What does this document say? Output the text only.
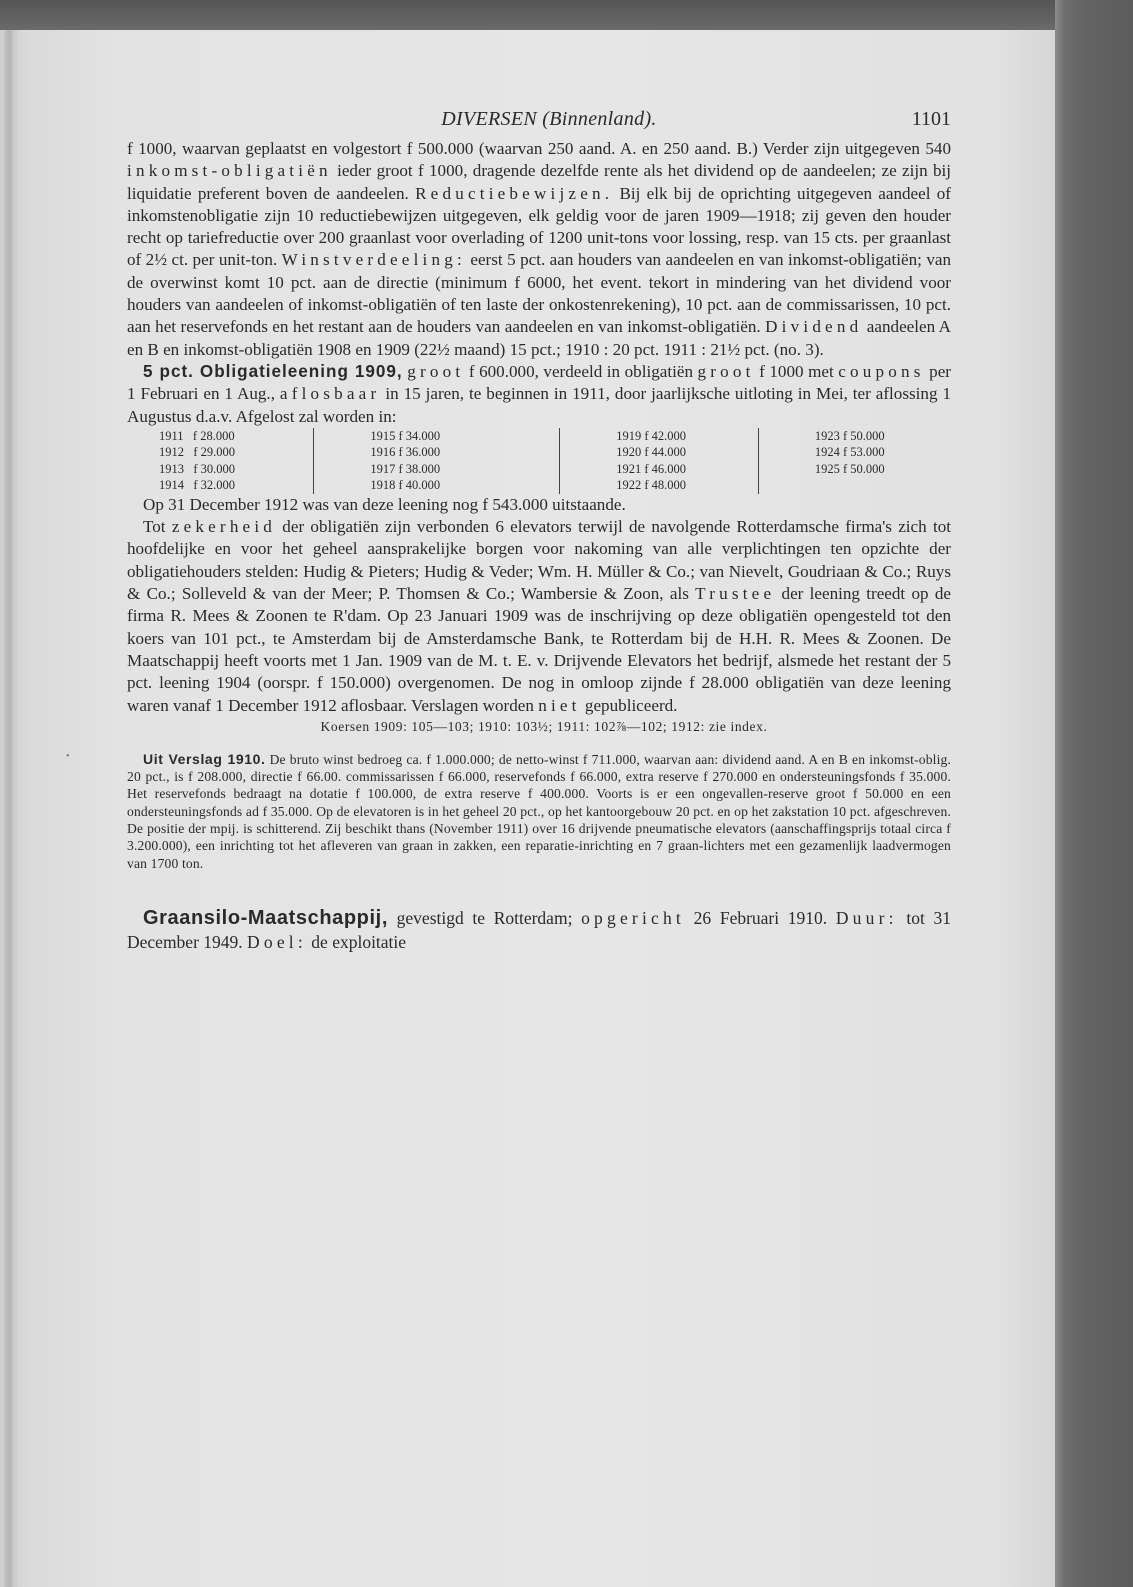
•
DIVERSEN (Binnenland).	1101

f 1000, waarvan geplaatst en volgestort f 500.000 (waarvan 250 aand. A. en 250 aand. B.) Verder zijn uitgegeven 540 inkomst-obligatiën ieder groot f 1000, dragende dezelfde rente als het dividend op de aandeelen; ze zijn bij liquidatie preferent boven de aandeelen. Reductiebewijzen. Bij elk bij de oprichting uitgegeven aandeel of inkomstenobligatie zijn 10 reductiebewijzen uitgegeven, elk geldig voor de jaren 1909—1918; zij geven den houder recht op tariefreductie over 200 graanlast voor overlading of 1200 unit-tons voor lossing, resp. van 15 cts. per graanlast of 2½ ct. per unit-ton. Winstverdeeling: eerst 5 pct. aan houders van aandeelen en van inkomst-obligatiën; van de overwinst komt 10 pct. aan de directie (minimum f 6000, het event. tekort in mindering van het dividend voor houders van aandeelen of inkomst-obligatiën of ten laste der onkostenrekening), 10 pct. aan de commissarissen, 10 pct. aan het reservefonds en het restant aan de houders van aandeelen en van inkomst-obligatiën. Dividend aandeelen A en B en inkomst-obligatiën 1908 en 1909 (22½ maand) 15 pct.; 1910 : 20 pct. 1911 : 21½ pct. (no. 3).

5 pct. Obligatieleening 1909, groot f 600.000, verdeeld in obligatiën groot f 1000 met coupons per 1 Februari en 1 Aug., aflosbaar in 15 jaren, te beginnen in 1911, door jaarlijksche uitloting in Mei, ter aflossing 1 Augustus d.a.v. Afgelost zal worden in:

1911   f 28.000
1912   f 29.000
1913   f 30.000
1914   f 32.000
1915 f 34.000
1916 f 36.000
1917 f 38.000
1918 f 40.000
1919 f 42.000
1920 f 44.000
1921 f 46.000
1922 f 48.000
1923 f 50.000
1924 f 53.000
1925 f 50.000

Op 31 December 1912 was van deze leening nog f 543.000 uitstaande.

Tot zekerheid der obligatiën zijn verbonden 6 elevators terwijl de navolgende Rotterdamsche firma's zich tot hoofdelijke en voor het geheel aansprakelijke borgen voor nakoming van alle verplichtingen ten opzichte der obligatiehouders stelden: Hudig & Pieters; Hudig & Veder; Wm. H. Müller & Co.; van Nievelt, Goudriaan & Co.; Ruys & Co.; Solleveld & van der Meer; P. Thomsen & Co.; Wambersie & Zoon, als Trustee der leening treedt op de firma R. Mees & Zoonen te R'dam. Op 23 Januari 1909 was de inschrijving op deze obligatiën opengesteld tot den koers van 101 pct., te Amsterdam bij de Amsterdamsche Bank, te Rotterdam bij de H.H. R. Mees & Zoonen. De Maatschappij heeft voorts met 1 Jan. 1909 van de M. t. E. v. Drijvende Elevators het bedrijf, alsmede het restant der 5 pct. leening 1904 (oorspr. f 150.000) overgenomen. De nog in omloop zijnde f 28.000 obligatiën van deze leening waren vanaf 1 December 1912 aflosbaar. Verslagen worden niet gepubliceerd.

Koersen 1909: 105—103; 1910: 103½; 1911: 102⅞—102; 1912: zie index.

Uit Verslag 1910. De bruto winst bedroeg ca. f 1.000.000; de netto-winst f 711.000, waarvan aan: dividend aand. A en B en inkomst-oblig. 20 pct., is f 208.000, directie f 66.00. commissarissen f 66.000, reservefonds f 66.000, extra reserve f 270.000 en ondersteuningsfonds f 35.000. Het reservefonds bedraagt na dotatie f 100.000, de extra reserve f 400.000. Voorts is er een ongevallen-reserve groot f 50.000 en een ondersteuningsfonds ad f 35.000. Op de elevatoren is in het geheel 20 pct., op het kantoorgebouw 20 pct. en op het zakstation 10 pct. afgeschreven. De positie der mpij. is schitterend. Zij beschikt thans (November 1911) over 16 drijvende pneumatische elevators (aanschaffingsprijs totaal circa f 3.200.000), een inrichting tot het afleveren van graan in zakken, een reparatie-inrichting en 7 graan-lichters met een gezamenlijk laadvermogen van 1700 ton.

Graansilo-Maatschappij, gevestigd te Rotterdam; opgericht 26 Februari 1910. Duur: tot 31 December 1949. Doel: de exploitatie
